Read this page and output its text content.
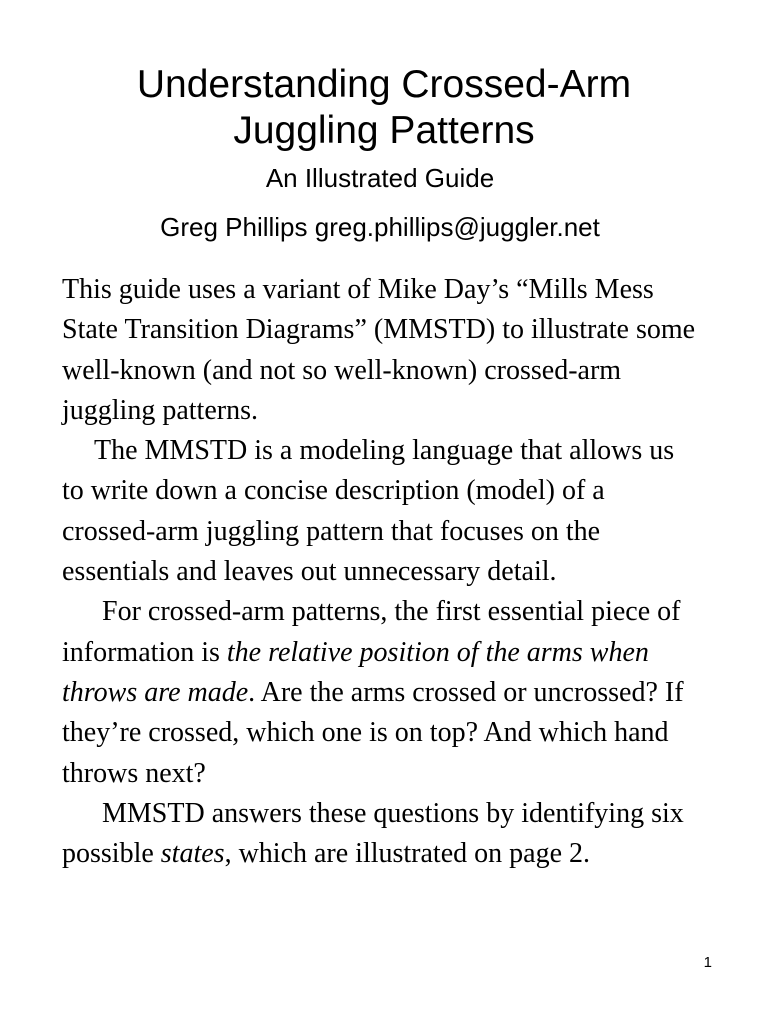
Understanding Crossed-Arm
Juggling Patterns
An Illustrated Guide
Greg Phillips greg.phillips@juggler.net

This guide uses a variant of Mike Day’s “Mills Mess State Transition Diagrams” (MMSTD) to illustrate some well-known (and not so well-known) crossed-arm juggling patterns.

The MMSTD is a modeling language that allows us to write down a concise description (model) of a crossed-arm juggling pattern that focuses on the essentials and leaves out unnecessary detail.

For crossed-arm patterns, the first essential piece of information is the relative position of the arms when throws are made. Are the arms crossed or uncrossed? If they’re crossed, which one is on top? And which hand throws next?

MMSTD answers these questions by identifying six possible states, which are illustrated on page 2.

1
